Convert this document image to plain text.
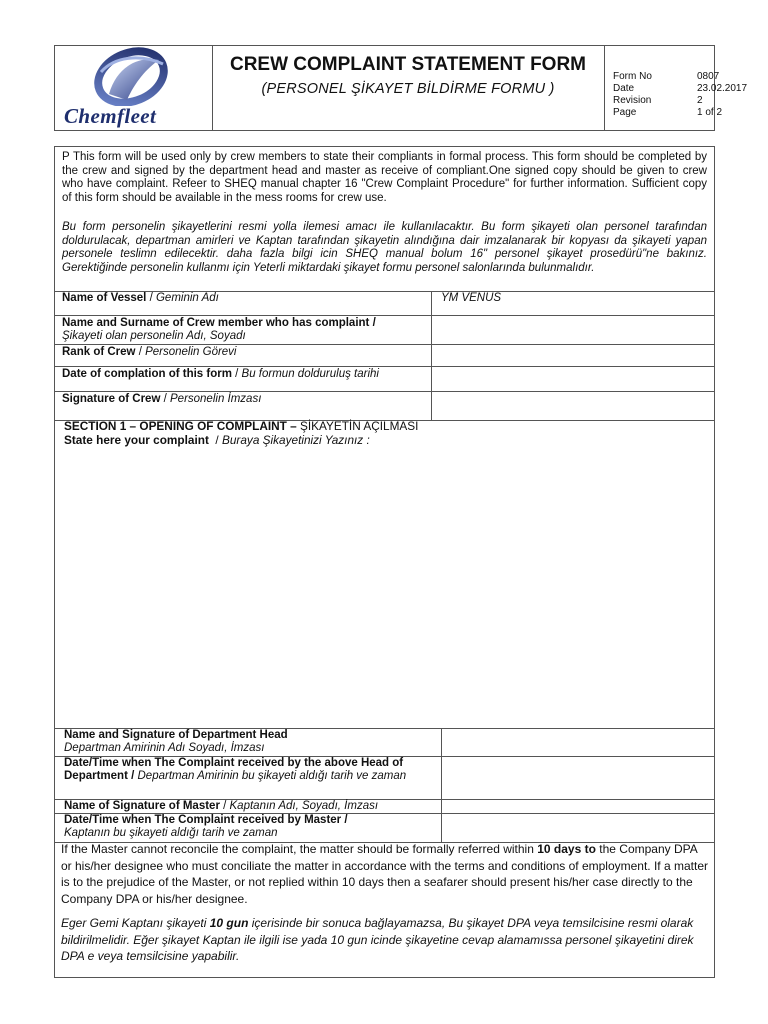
Chemfleet
CREW COMPLAINT STATEMENT FORM
(PERSONEL ŞİKAYET BİLDİRME FORMU )
Form No	0807
Date	23.02.2017
Revision	2
Page	1 of 2
P This form will be used only by crew members to state their compliants in formal process. This form should be completed by the crew and signed by the department head and master as receive of compliant.One signed copy should be given to crew who have complaint. Refeer to SHEQ manual chapter 16 "Crew Complaint Procedure" for further information. Sufficient copy of this form should be available in the mess rooms for crew use.
Bu form personelin şikayetlerini resmi yolla ilemesi amacı ile kullanılacaktır. Bu form şikayeti olan personel tarafından doldurulacak, departman amirleri ve Kaptan tarafından şikayetin alındığına dair imzalanarak bir kopyası da şikayeti yapan personele teslimn edilecektir. daha fazla bilgi icin SHEQ manual bolum 16" personel şikayet prosedürü"ne bakınız. Gerektiğinde personelin kullanmı için Yeterli miktardaki şikayet formu personel salonlarında bulunmalıdır.
Name of Vessel / Geminin Adı	YM VENUS
Name and Surname of Crew member who has complaint /
Şikayeti olan personelin Adı, Soyadı
Rank of Crew / Personelin Görevi
Date of complation of this form / Bu formun dolduruluş tarihi
Signature of Crew / Personelin İmzası
SECTION 1 – OPENING OF COMPLAINT – ŞİKAYETİN AÇILMASI
State here your complaint  / Buraya Şikayetinizi Yazınız :
Name and Signature of Department Head
Departman Amirinin Adı Soyadı, İmzası
Date/Time when The Complaint received by the above Head of Department / Departman Amirinin bu şikayeti aldığı tarih ve zaman
Name of Signature of Master / Kaptanın Adı, Soyadı, İmzası
Date/Time when The Complaint received by Master /
Kaptanın bu şikayeti aldığı tarih ve zaman
If the Master cannot reconcile the complaint, the matter should be formally referred within 10 days to the Company DPA or his/her designee who must conciliate the matter in accordance with the terms and conditions of employment. If a matter is to the prejudice of the Master, or not replied within 10 days then a seafarer should present his/her case directly to the Company DPA or his/her designee.
Eger Gemi Kaptanı şikayeti 10 gun içerisinde bir sonuca bağlayamazsa, Bu şikayet DPA veya temsilcisine resmi olarak bildirilmelidir. Eğer şikayet Kaptan ile ilgili ise yada 10 gun icinde şikayetine cevap alamamıssa personel şikayetini direk DPA e veya temsilcisine yapabilir.
